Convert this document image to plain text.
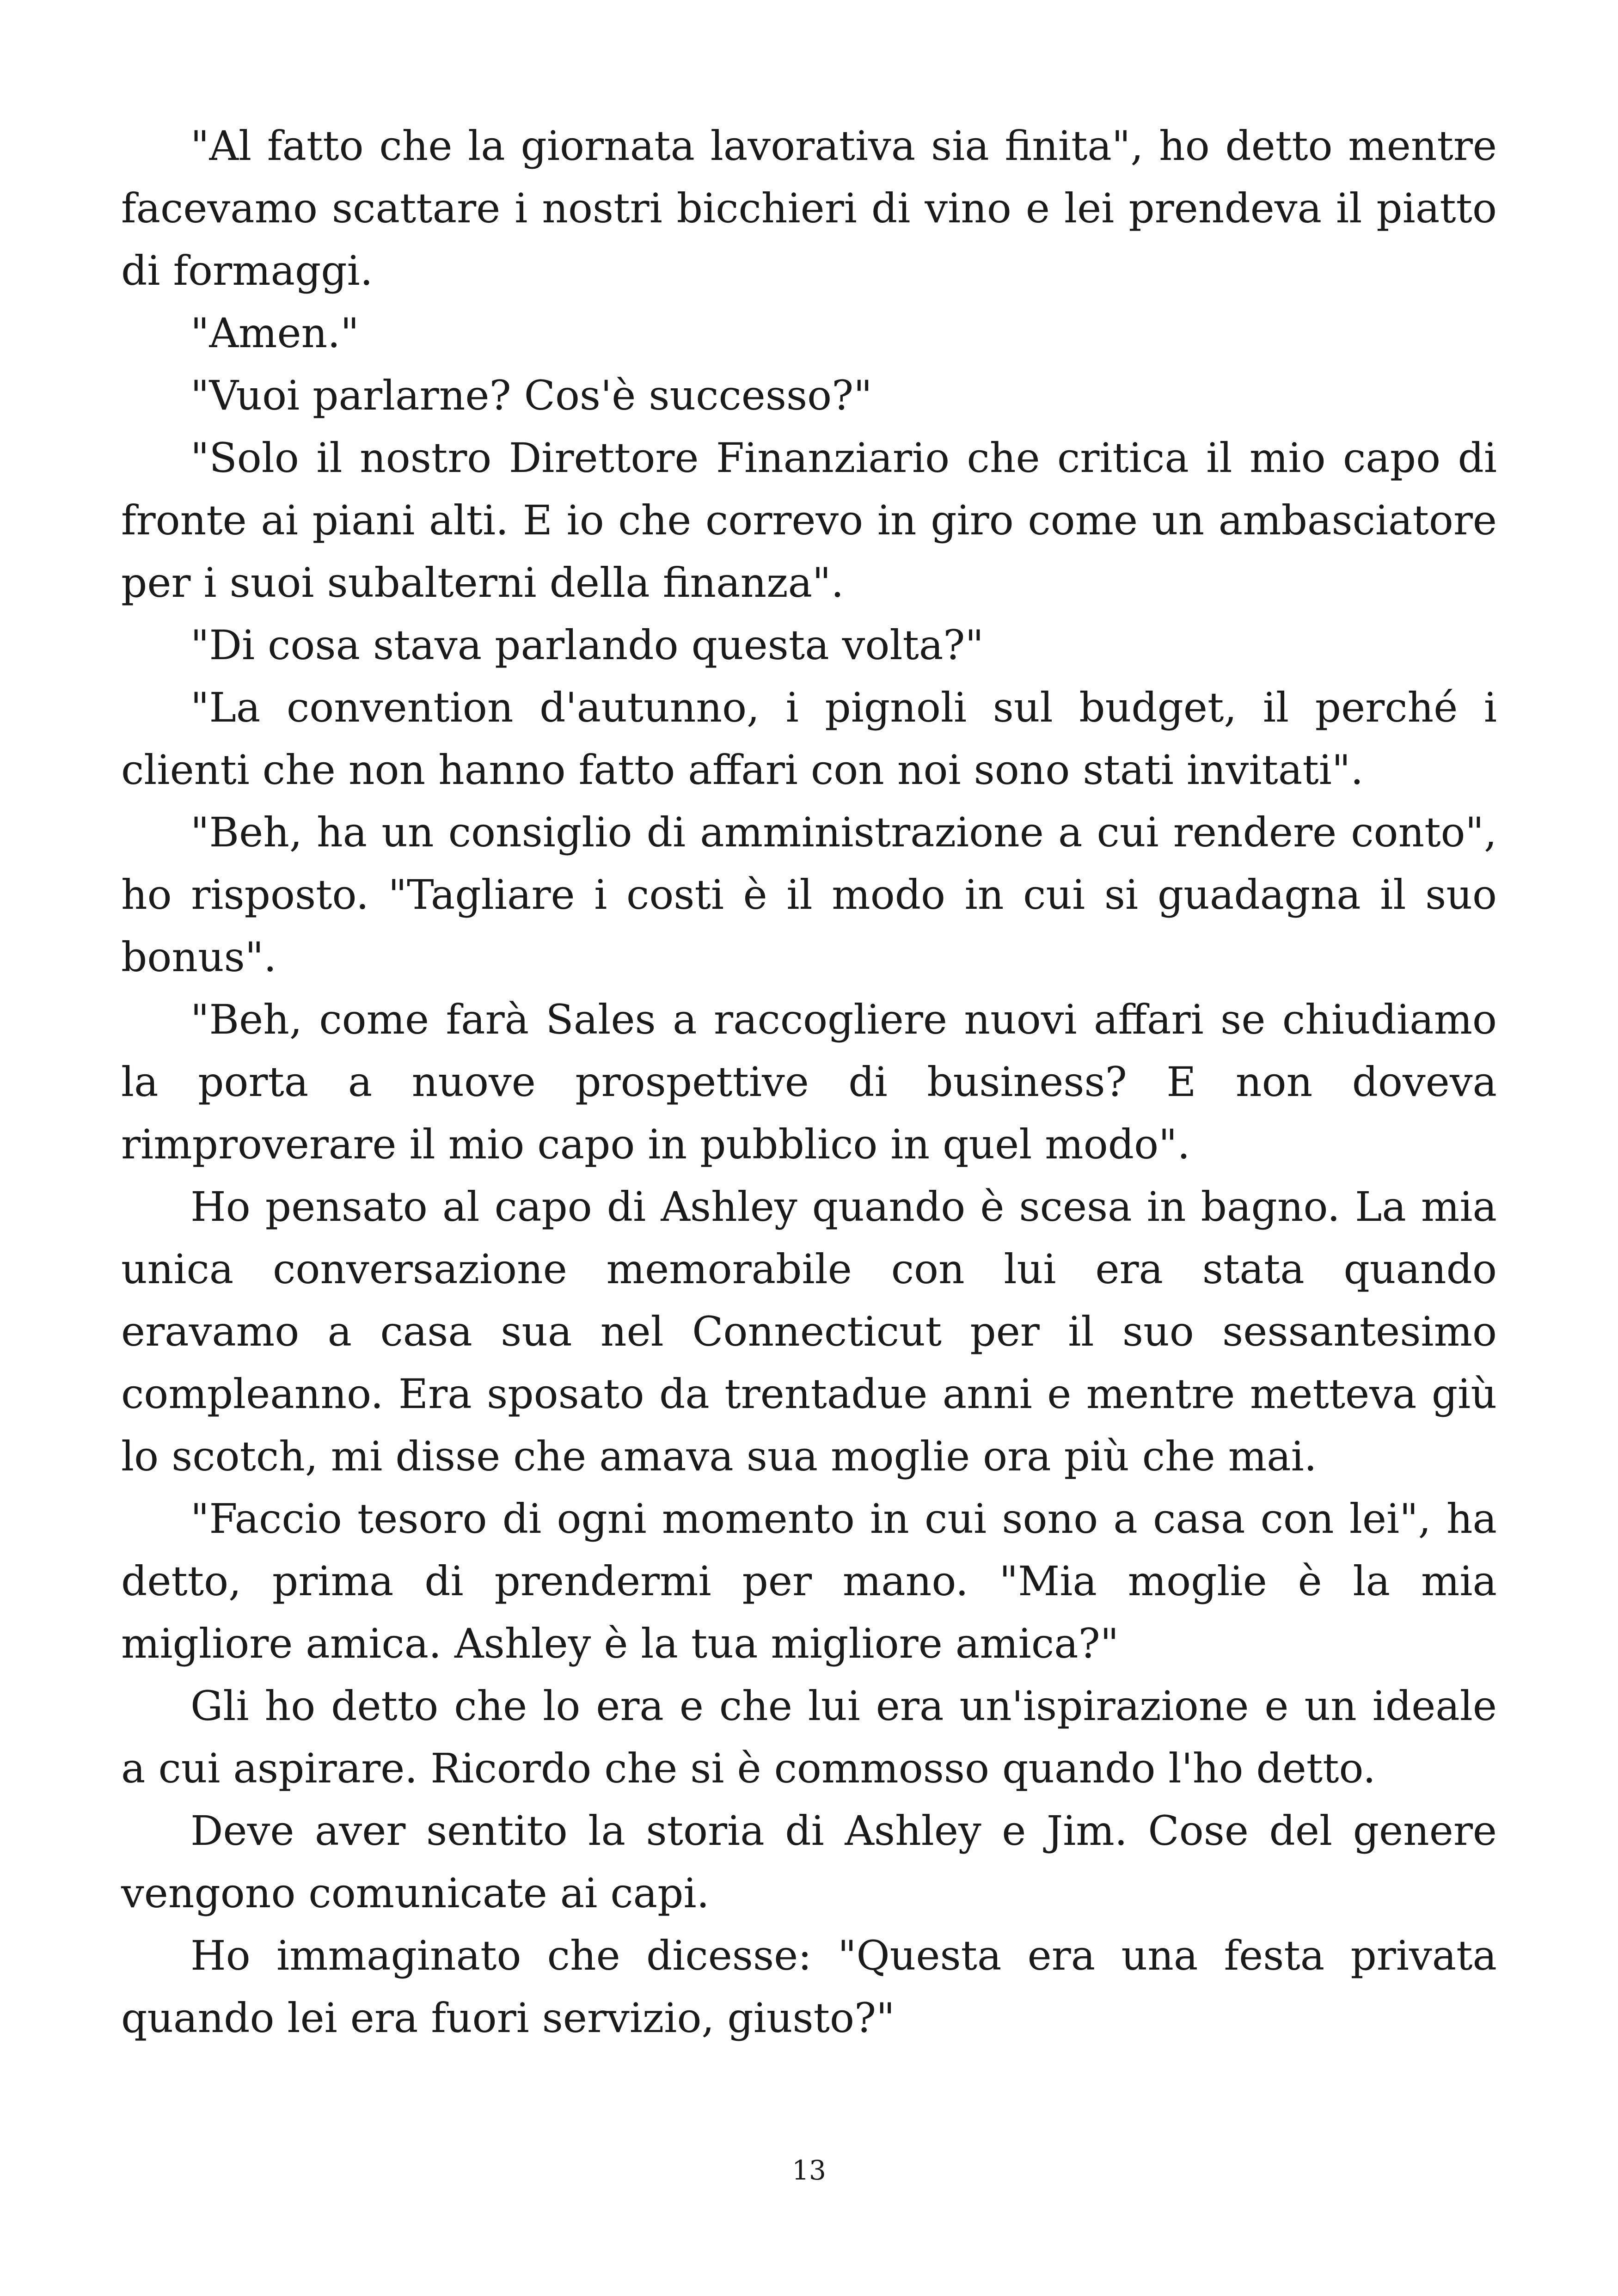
"Al fatto che la giornata lavorativa sia finita", ho detto mentre facevamo scattare i nostri bicchieri di vino e lei prendeva il piatto di formaggi.

"Amen."

"Vuoi parlarne? Cos'è successo?"

"Solo il nostro Direttore Finanziario che critica il mio capo di fronte ai piani alti. E io che correvo in giro come un ambasciatore per i suoi subalterni della finanza".

"Di cosa stava parlando questa volta?"

"La convention d'autunno, i pignoli sul budget, il perché i clienti che non hanno fatto affari con noi sono stati invitati".

"Beh, ha un consiglio di amministrazione a cui rendere conto", ho risposto. "Tagliare i costi è il modo in cui si guadagna il suo bonus".

"Beh, come farà Sales a raccogliere nuovi affari se chiudiamo la porta a nuove prospettive di business? E non doveva rimproverare il mio capo in pubblico in quel modo".

Ho pensato al capo di Ashley quando è scesa in bagno. La mia unica conversazione memorabile con lui era stata quando eravamo a casa sua nel Connecticut per il suo sessantesimo compleanno. Era sposato da trentadue anni e mentre metteva giù lo scotch, mi disse che amava sua moglie ora più che mai.

"Faccio tesoro di ogni momento in cui sono a casa con lei", ha detto, prima di prendermi per mano. "Mia moglie è la mia migliore amica. Ashley è la tua migliore amica?"

Gli ho detto che lo era e che lui era un'ispirazione e un ideale a cui aspirare. Ricordo che si è commosso quando l'ho detto.

Deve aver sentito la storia di Ashley e Jim. Cose del genere vengono comunicate ai capi.

Ho immaginato che dicesse: "Questa era una festa privata quando lei era fuori servizio, giusto?"

13
